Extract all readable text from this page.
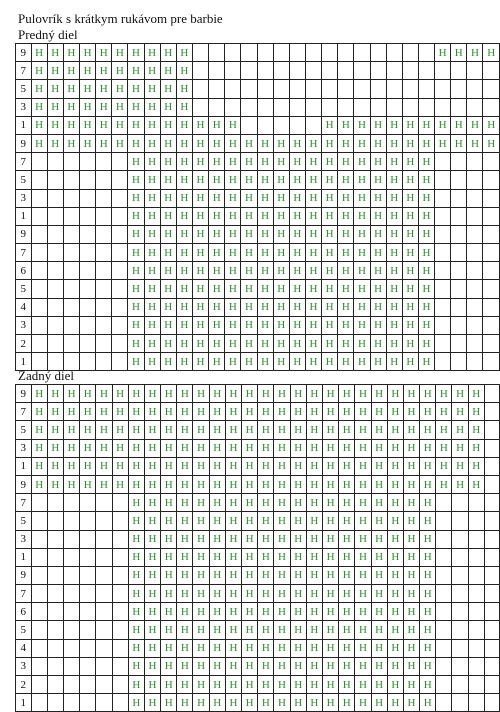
Pulovrík s krátkym rukávom pre barbie
Predný diel
9	H	H	H	H	H	H	H	H	H	H																H	H	H	H
7	H	H	H	H	H	H	H	H	H	H																			
5	H	H	H	H	H	H	H	H	H	H																			
3	H	H	H	H	H	H	H	H	H	H																			
1	H	H	H	H	H	H	H	H	H	H	H	H	H						H	H	H	H	H	H	H	H	H	H	H
9	H	H	H	H	H	H	H	H	H	H	H	H	H	H	H	H	H	H	H	H	H	H	H	H	H	H	H	H	H
7							H	H	H	H	H	H	H	H	H	H	H	H	H	H	H	H	H	H	H				
5							H	H	H	H	H	H	H	H	H	H	H	H	H	H	H	H	H	H	H				
3							H	H	H	H	H	H	H	H	H	H	H	H	H	H	H	H	H	H	H				
1							H	H	H	H	H	H	H	H	H	H	H	H	H	H	H	H	H	H	H				
9							H	H	H	H	H	H	H	H	H	H	H	H	H	H	H	H	H	H	H				
7							H	H	H	H	H	H	H	H	H	H	H	H	H	H	H	H	H	H	H				
6							H	H	H	H	H	H	H	H	H	H	H	H	H	H	H	H	H	H	H				
5							H	H	H	H	H	H	H	H	H	H	H	H	H	H	H	H	H	H	H				
4							H	H	H	H	H	H	H	H	H	H	H	H	H	H	H	H	H	H	H				
3							H	H	H	H	H	H	H	H	H	H	H	H	H	H	H	H	H	H	H				
2							H	H	H	H	H	H	H	H	H	H	H	H	H	H	H	H	H	H	H				
1							H	H	H	H	H	H	H	H	H	H	H	H	H	H	H	H	H	H	H				
Zadný diel
9	H	H	H	H	H	H	H	H	H	H	H	H	H	H	H	H	H	H	H	H	H	H	H	H	H	H	H	H	
7	H	H	H	H	H	H	H	H	H	H	H	H	H	H	H	H	H	H	H	H	H	H	H	H	H	H	H	H	
5	H	H	H	H	H	H	H	H	H	H	H	H	H	H	H	H	H	H	H	H	H	H	H	H	H	H	H	H	
3	H	H	H	H	H	H	H	H	H	H	H	H	H	H	H	H	H	H	H	H	H	H	H	H	H	H	H	H	
1	H	H	H	H	H	H	H	H	H	H	H	H	H	H	H	H	H	H	H	H	H	H	H	H	H	H	H	H	
9	H	H	H	H	H	H	H	H	H	H	H	H	H	H	H	H	H	H	H	H	H	H	H	H	H	H	H	H	
7							H	H	H	H	H	H	H	H	H	H	H	H	H	H	H	H	H	H	H				
5							H	H	H	H	H	H	H	H	H	H	H	H	H	H	H	H	H	H	H				
3							H	H	H	H	H	H	H	H	H	H	H	H	H	H	H	H	H	H	H				
1							H	H	H	H	H	H	H	H	H	H	H	H	H	H	H	H	H	H	H				
9							H	H	H	H	H	H	H	H	H	H	H	H	H	H	H	H	H	H	H				
7							H	H	H	H	H	H	H	H	H	H	H	H	H	H	H	H	H	H	H				
6							H	H	H	H	H	H	H	H	H	H	H	H	H	H	H	H	H	H	H				
5							H	H	H	H	H	H	H	H	H	H	H	H	H	H	H	H	H	H	H				
4							H	H	H	H	H	H	H	H	H	H	H	H	H	H	H	H	H	H	H				
3							H	H	H	H	H	H	H	H	H	H	H	H	H	H	H	H	H	H	H				
2							H	H	H	H	H	H	H	H	H	H	H	H	H	H	H	H	H	H	H				
1							H	H	H	H	H	H	H	H	H	H	H	H	H	H	H	H	H	H	H				
